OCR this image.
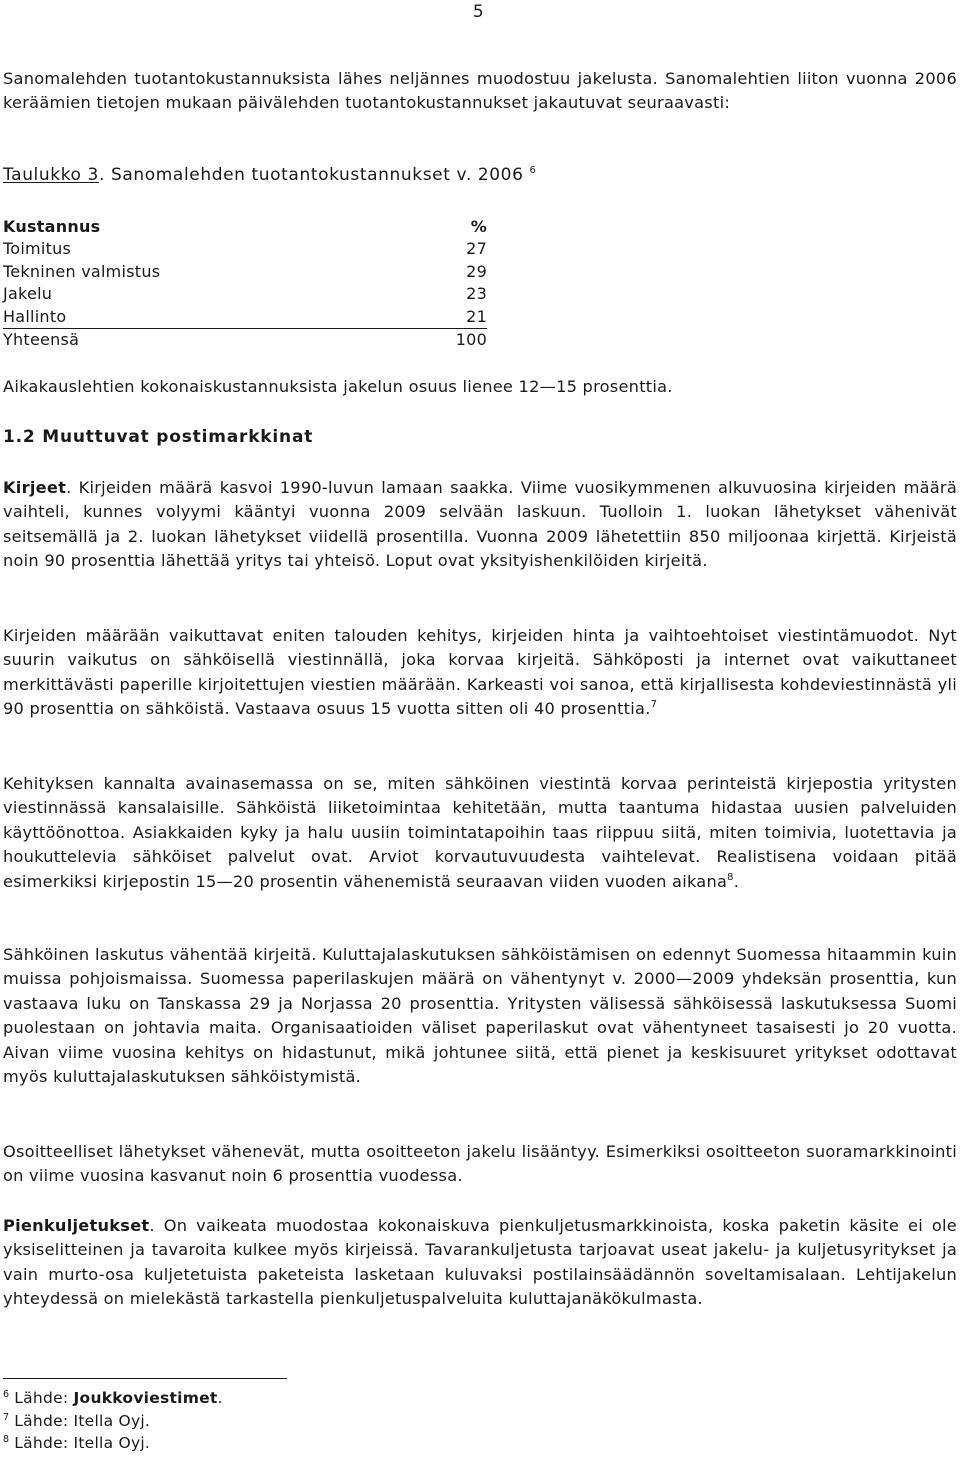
5

Sanomalehden tuotantokustannuksista lähes neljännes muodostuu jakelusta. Sanomalehtien liiton vuonna 2006 keräämien tietojen mukaan päivälehden tuotantokustannukset jakautuvat seuraavasti:

Taulukko 3. Sanomalehden tuotantokustannukset v. 2006 $^6$
Kustannus	%
Toimitus	27
Tekninen valmistus	29
Jakelu	23
Hallinto	21
Yhteensä	100

Aikakauslehtien kokonaiskustannuksista jakelun osuus lienee 12—15 prosenttia.

1.2 Muuttuvat postimarkkinat

Kirjeet. Kirjeiden määrä kasvoi 1990-luvun lamaan saakka. Viime vuosikymmenen alkuvuosina kirjeiden määrä vaihteli, kunnes volyymi kääntyi vuonna 2009 selvään laskuun. Tuolloin 1. luokan lähetykset vähenivät seitsemällä ja 2. luokan lähetykset viidellä prosentilla. Vuonna 2009 lähetettiin 850 miljoonaa kirjettä. Kirjeistä noin 90 prosenttia lähettää yritys tai yhteisö. Loput ovat yksityishenkilöiden kirjeitä.

Kirjeiden määrään vaikuttavat eniten talouden kehitys, kirjeiden hinta ja vaihtoehtoiset viestintämuodot. Nyt suurin vaikutus on sähköisellä viestinnällä, joka korvaa kirjeitä. Sähköposti ja internet ovat vaikuttaneet merkittävästi paperille kirjoitettujen viestien määrään. Karkeasti voi sanoa, että kirjallisesta kohdeviestinnästä yli 90 prosenttia on sähköistä. Vastaava osuus 15 vuotta sitten oli 40 prosenttia.$^7$

Kehityksen kannalta avainasemassa on se, miten sähköinen viestintä korvaa perinteistä kirjepostia yritysten viestinnässä kansalaisille. Sähköistä liiketoimintaa kehitetään, mutta taantuma hidastaa uusien palveluiden käyttöönottoa. Asiakkaiden kyky ja halu uusiin toimintatapoihin taas riippuu siitä, miten toimivia, luotettavia ja houkuttelevia sähköiset palvelut ovat. Arviot korvautuvuudesta vaihtelevat. Realistisena voidaan pitää esimerkiksi kirjepostin 15—20 prosentin vähenemistä seuraavan viiden vuoden aikana$^8$.

Sähköinen laskutus vähentää kirjeitä. Kuluttajalaskutuksen sähköistämisen on edennyt Suomessa hitaammin kuin muissa pohjoismaissa. Suomessa paperilaskujen määrä on vähentynyt v. 2000—2009 yhdeksän prosenttia, kun vastaava luku on Tanskassa 29 ja Norjassa 20 prosenttia. Yritysten välisessä sähköisessä laskutuksessa Suomi puolestaan on johtavia maita. Organisaatioiden väliset paperilaskut ovat vähentyneet tasaisesti jo 20 vuotta. Aivan viime vuosina kehitys on hidastunut, mikä johtunee siitä, että pienet ja keskisuuret yritykset odottavat myös kuluttajalaskutuksen sähköistymistä.

Osoitteelliset lähetykset vähenevät, mutta osoitteeton jakelu lisääntyy. Esimerkiksi osoitteeton suoramarkkinointi on viime vuosina kasvanut noin 6 prosenttia vuodessa.

Pienkuljetukset. On vaikeata muodostaa kokonaiskuva pienkuljetusmarkkinoista, koska paketin käsite ei ole yksiselitteinen ja tavaroita kulkee myös kirjeissä. Tavarankuljetusta tarjoavat useat jakelu- ja kuljetusyritykset ja vain murto-osa kuljetetuista paketeista lasketaan kuluvaksi postilainsäädännön soveltamisalaan. Lehtijakelun yhteydessä on mielekästä tarkastella pienkuljetuspalveluita kuluttajanäkökulmasta.

$^6$ Lähde: Joukkoviestimet.
$^7$ Lähde: Itella Oyj.
$^8$ Lähde: Itella Oyj.
